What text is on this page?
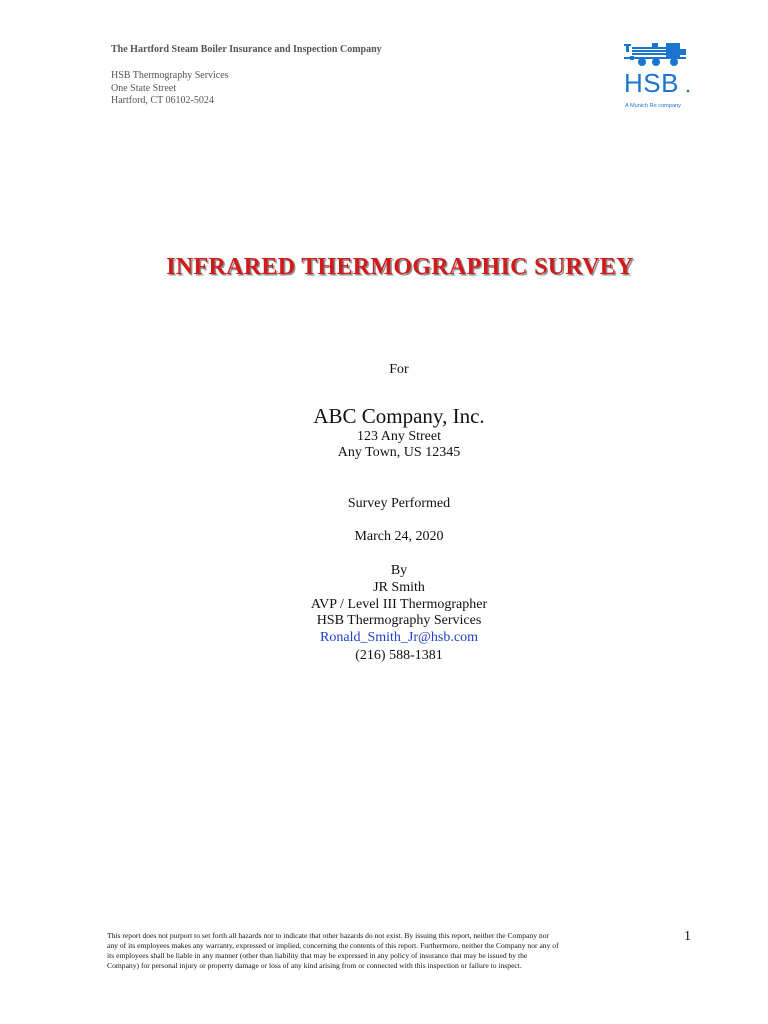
The Hartford Steam Boiler Insurance and Inspection Company
HSB Thermography Services
One State Street
Hartford, CT 06102-5024
HSB
A Munich Re company
INFRARED THERMOGRAPHIC SURVEY
For
ABC Company, Inc.
123 Any Street
Any Town, US 12345
Survey Performed
March 24, 2020
By
JR Smith
AVP / Level III Thermographer
HSB Thermography Services
Ronald_Smith_Jr@hsb.com
(216) 588-1381
This report does not purport to set forth all hazards nor to indicate that other hazards do not exist. By issuing this report, neither the Company nor
any of its employees makes any warranty, expressed or implied, concerning the contents of this report. Furthermore, neither the Company nor any of
its employees shall be liable in any manner (other than liability that may be expressed in any policy of insurance that may be issued by the
Company) for personal injury or property damage or loss of any kind arising from or connected with this inspection or failure to inspect.
1
